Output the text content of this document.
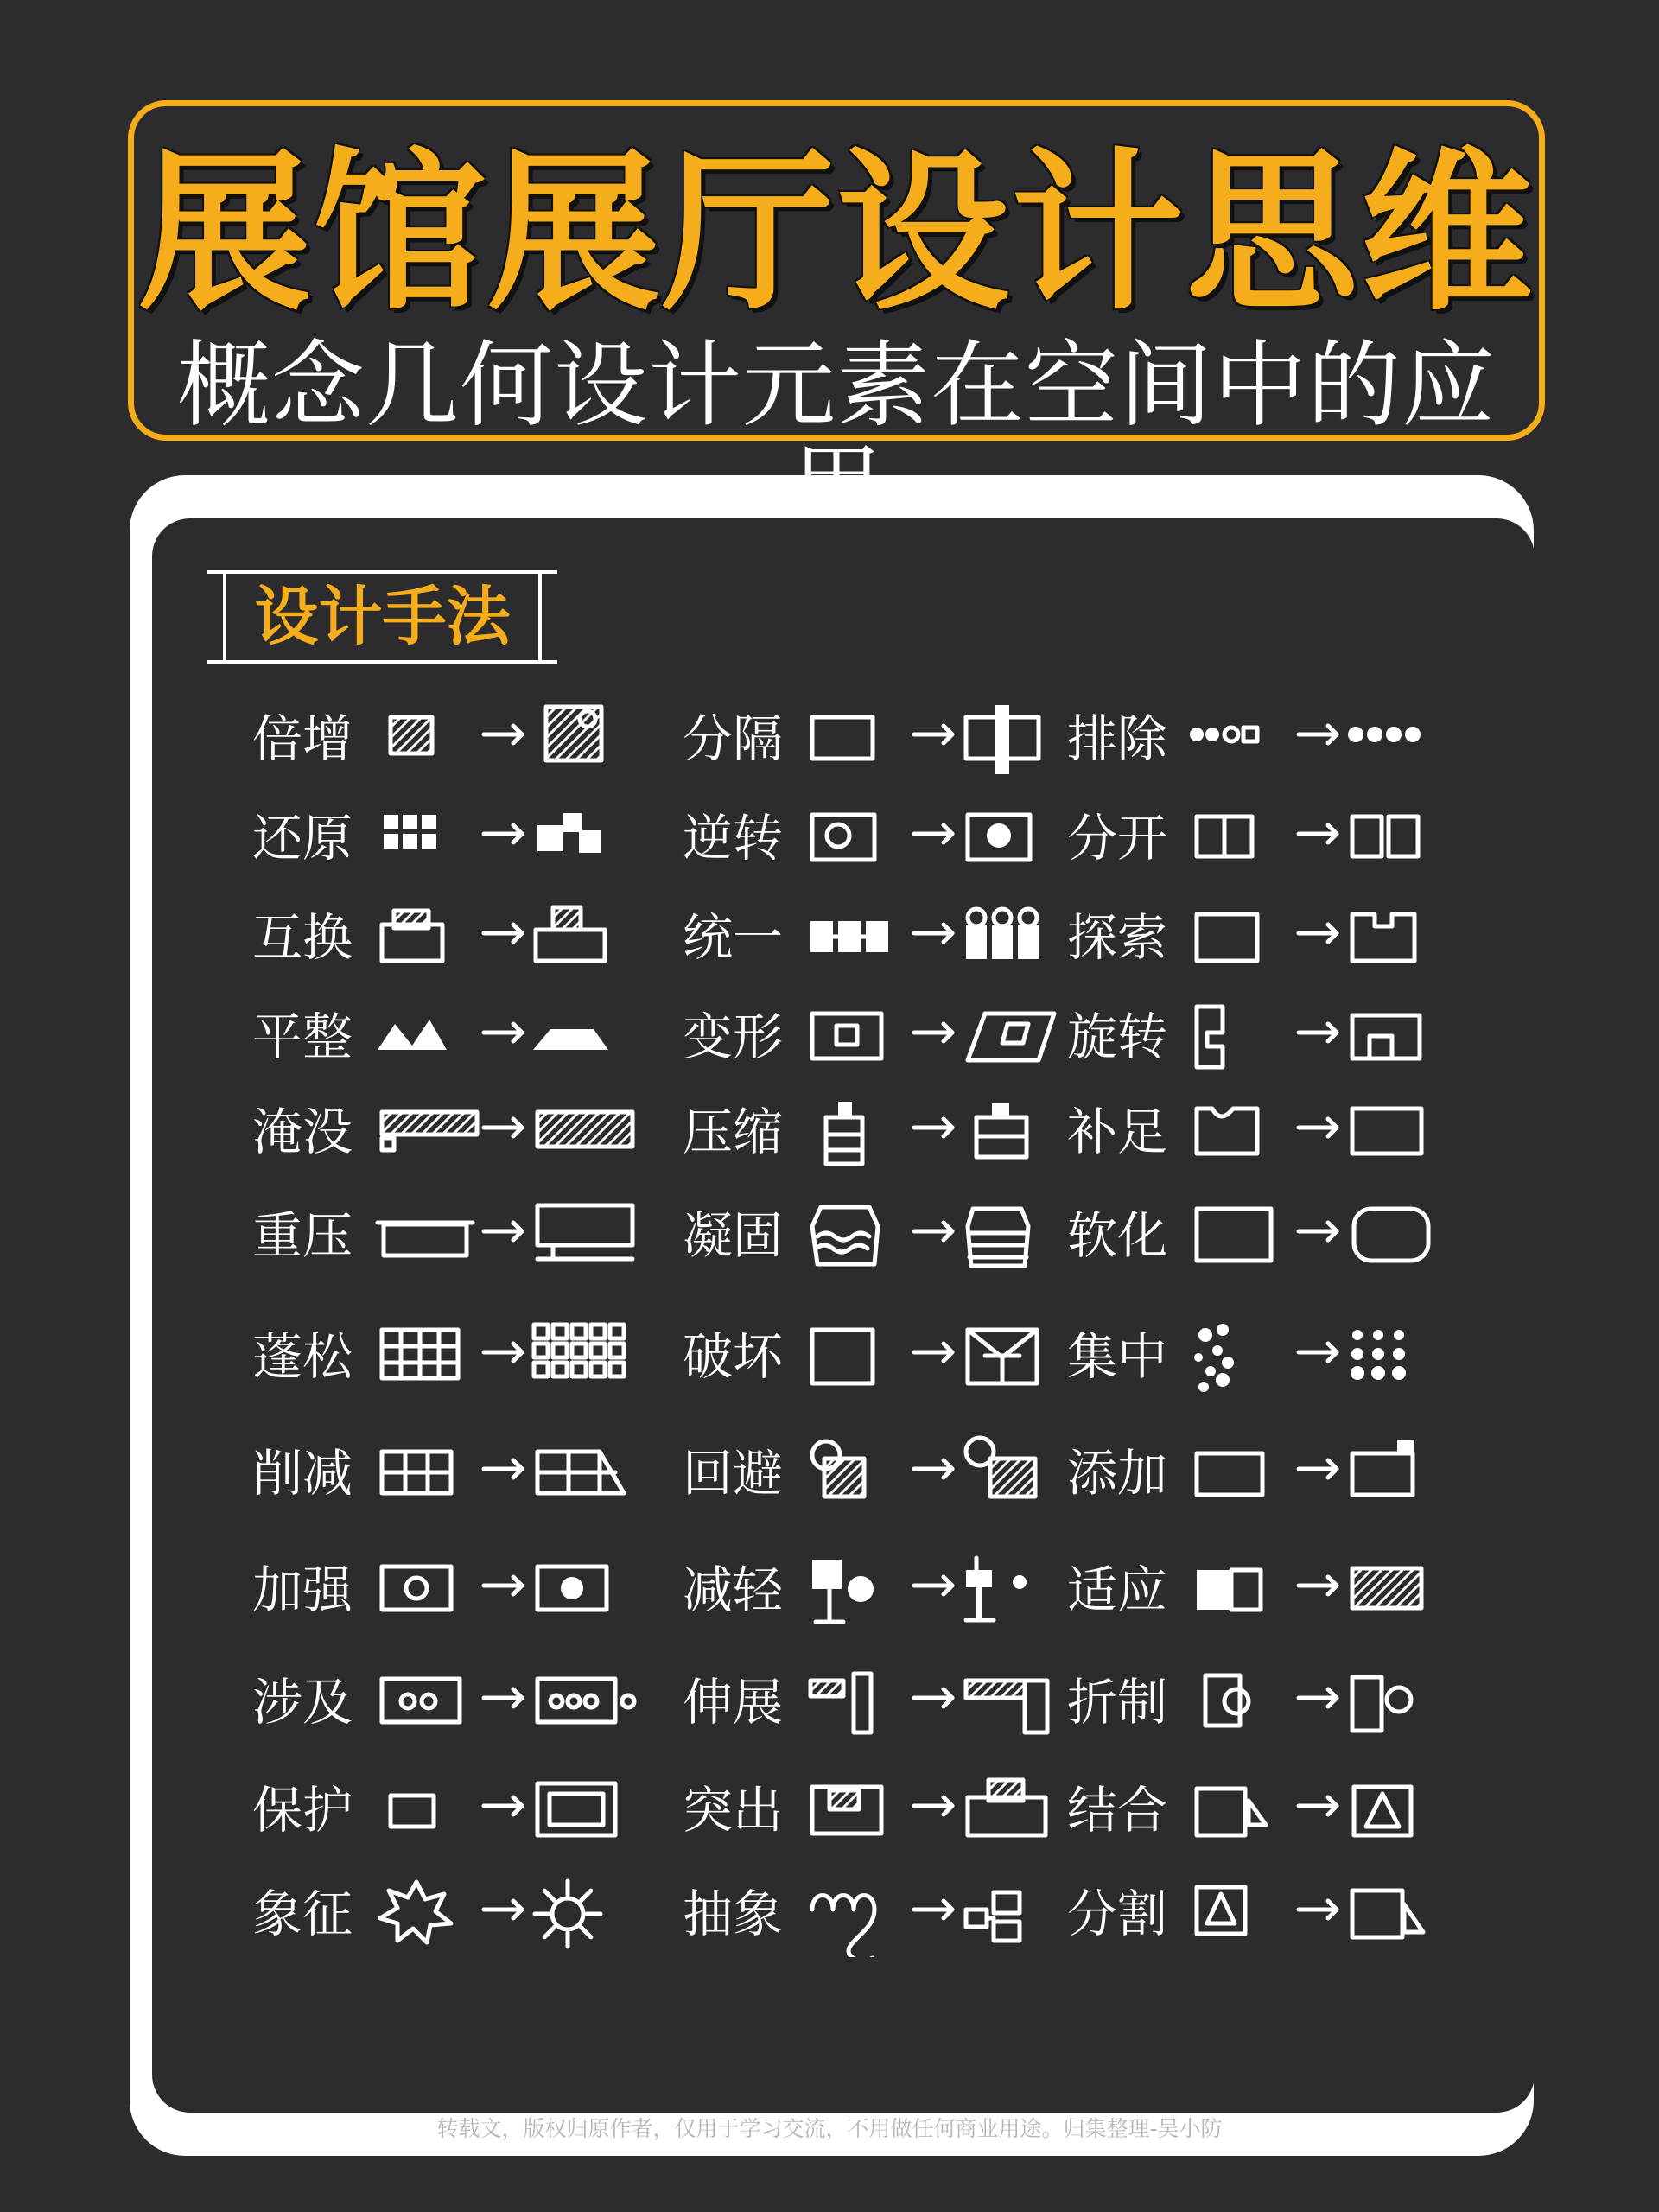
展馆展厅设计思维
概念几何设计元素在空间中的应
设计手法
倍增
还原
互换
平整
淹没
重压
蓬松
削减
加强
涉及
保护
象征
分隔
逆转
统一
变形
压缩
凝固
破坏
回避
减轻
伸展
突出
抽象
排除
分开
探索
旋转
补足
软化
集中
添加
适应
折制
结合
分割
转载文，版权归原作者，仅用于学习交流，不用做任何商业用途。归集整理-吴小防
